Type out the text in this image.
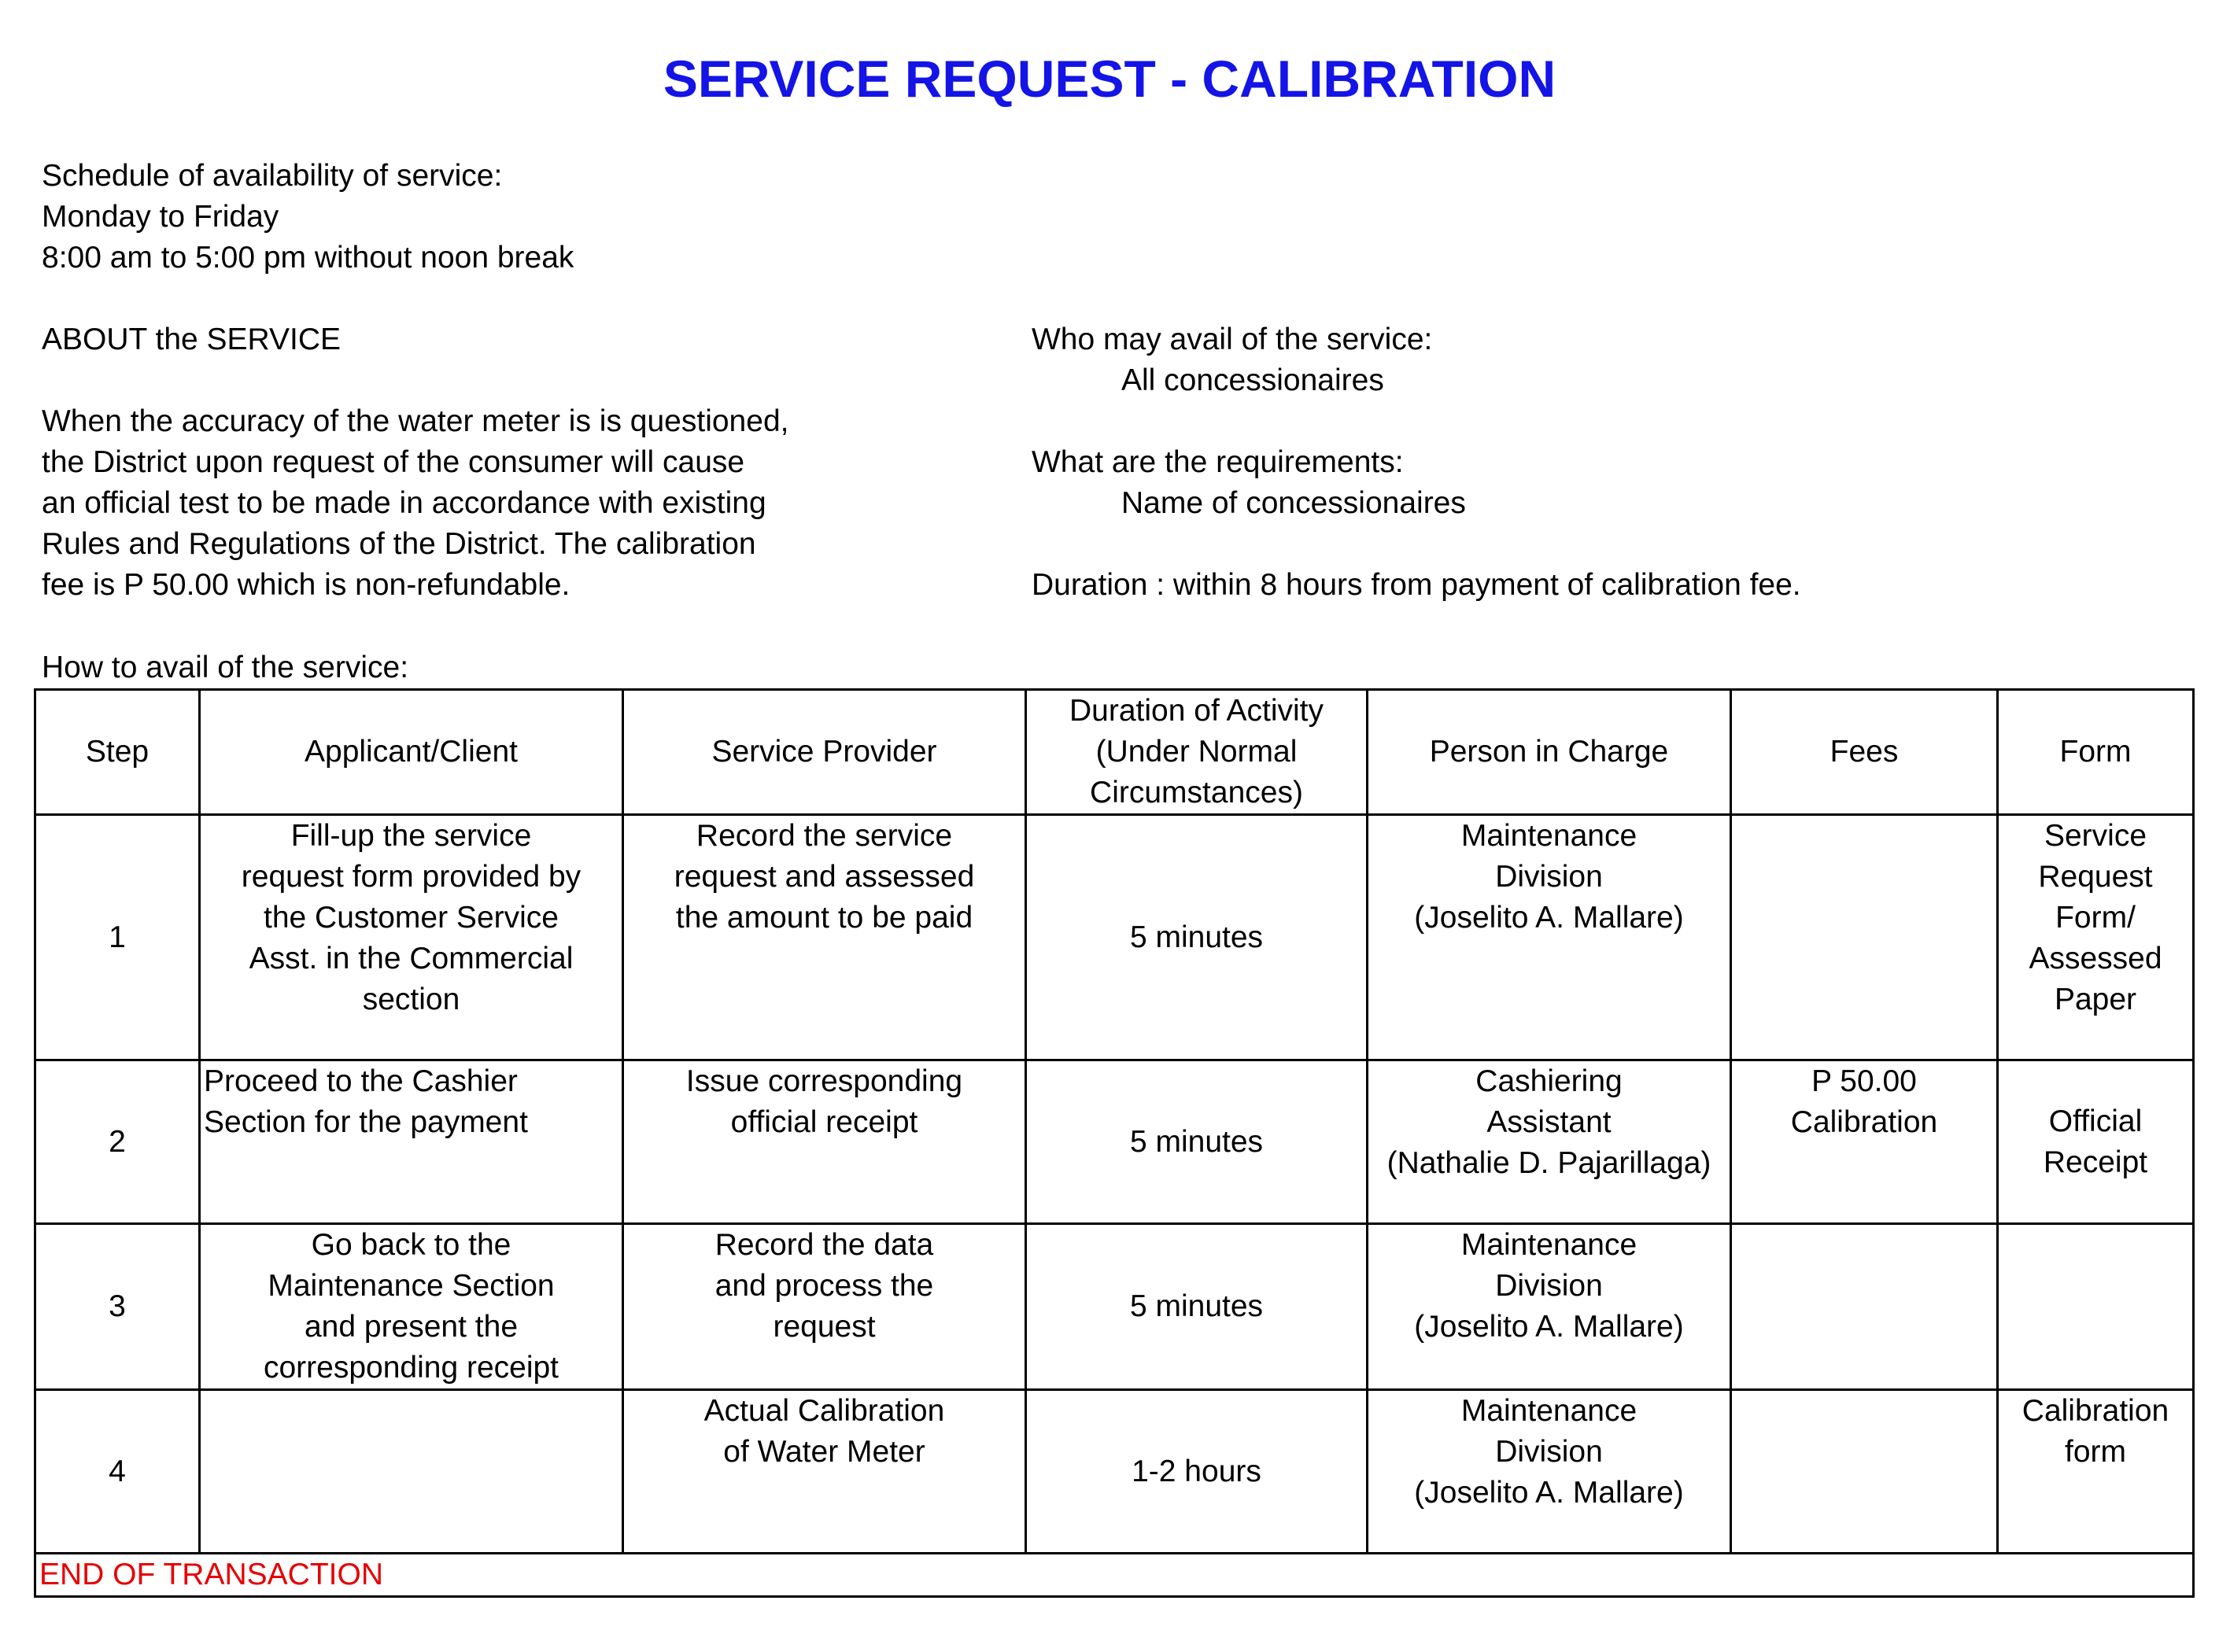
SERVICE REQUEST - CALIBRATION
Schedule of availability of service:
Monday to Friday
8:00 am to 5:00 pm without noon break
ABOUT the SERVICE
When the accuracy of the water meter is is questioned,
the District upon request of the consumer will cause
an official test to be made in accordance with existing
Rules and Regulations of the District. The calibration
fee is P 50.00 which is non-refundable.
Who may avail of the service:
All concessionaires
What are the requirements:
Name of concessionaires
Duration : within 8 hours from payment of calibration fee.
How to avail of the service:
Step	Applicant/Client	Service Provider	Duration of Activity
(Under Normal
Circumstances)	Person in Charge	Fees	Form
1	Fill-up the service
request form provided by
the Customer Service
Asst. in the Commercial
section	Record the service
request and assessed
the amount to be paid	5 minutes	Maintenance
Division
(Joselito A. Mallare)		Service
Request
Form/
Assessed
Paper

2	Proceed to the Cashier
Section for the payment	Issue corresponding
official receipt	5 minutes	Cashiering
Assistant
(Nathalie D. Pajarillaga)	P 50.00
Calibration	Official
Receipt

3	Go back to the
Maintenance Section
and present the
corresponding receipt	Record the data
and process the
request	5 minutes	Maintenance
Division
(Joselito A. Mallare)		

4		Actual Calibration
of Water Meter	1-2 hours	Maintenance
Division
(Joselito A. Mallare)		Calibration
form

END OF TRANSACTION						
